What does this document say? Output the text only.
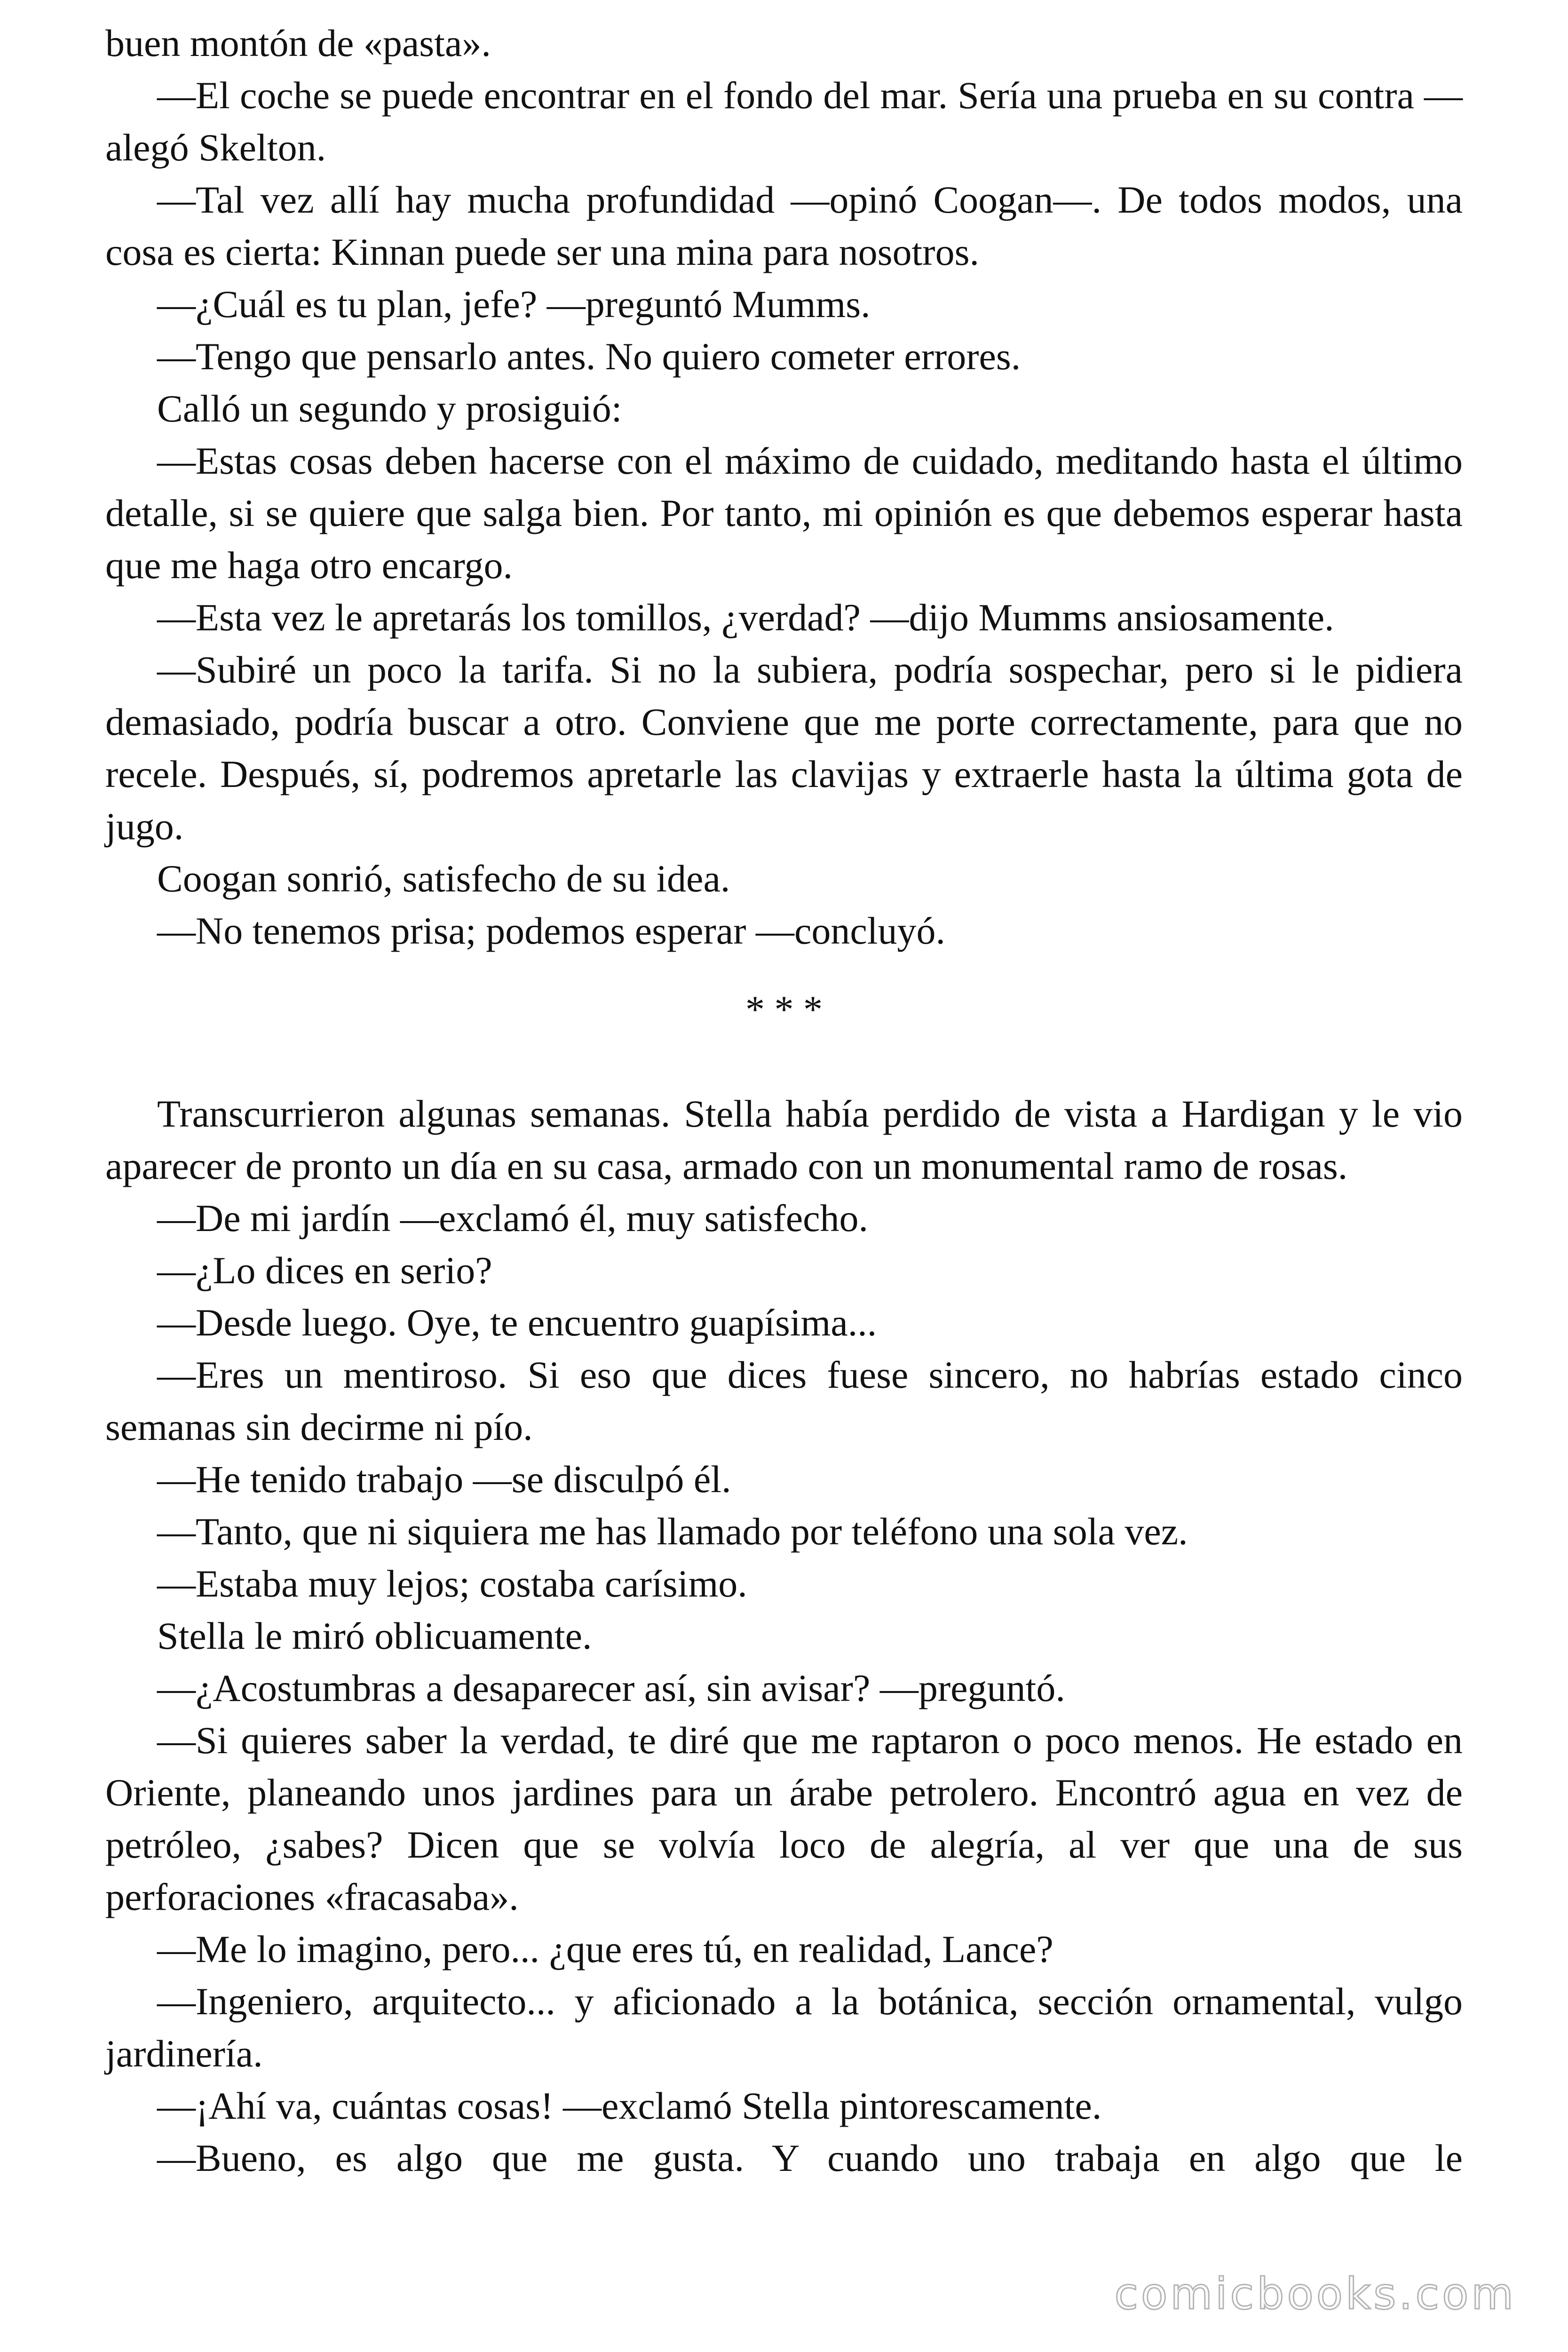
buen montón de «pasta».

—El coche se puede encontrar en el fondo del mar. Sería una prueba en su contra —alegó Skelton.

—Tal vez allí hay mucha profundidad —opinó Coogan—. De todos modos, una cosa es cierta: Kinnan puede ser una mina para nosotros.

—¿Cuál es tu plan, jefe? —preguntó Mumms.

—Tengo que pensarlo antes. No quiero cometer errores.

Calló un segundo y prosiguió:

—Estas cosas deben hacerse con el máximo de cuidado, meditando hasta el último detalle, si se quiere que salga bien. Por tanto, mi opinión es que debemos esperar hasta que me haga otro encargo.

—Esta vez le apretarás los tomillos, ¿verdad? —dijo Mumms ansiosamente.

—Subiré un poco la tarifa. Si no la subiera, podría sospechar, pero si le pidiera demasiado, podría buscar a otro. Conviene que me porte correctamente, para que no recele. Después, sí, podremos apretarle las clavijas y extraerle hasta la última gota de jugo.

Coogan sonrió, satisfecho de su idea.

—No tenemos prisa; podemos esperar —concluyó.

* * *

Transcurrieron algunas semanas. Stella había perdido de vista a Hardigan y le vio aparecer de pronto un día en su casa, armado con un monumental ramo de rosas.

—De mi jardín —exclamó él, muy satisfecho.

—¿Lo dices en serio?

—Desde luego. Oye, te encuentro guapísima...

—Eres un mentiroso. Si eso que dices fuese sincero, no habrías estado cinco semanas sin decirme ni pío.

—He tenido trabajo —se disculpó él.

—Tanto, que ni siquiera me has llamado por teléfono una sola vez.

—Estaba muy lejos; costaba carísimo.

Stella le miró oblicuamente.

—¿Acostumbras a desaparecer así, sin avisar? —preguntó.

—Si quieres saber la verdad, te diré que me raptaron o poco menos. He estado en Oriente, planeando unos jardines para un árabe petrolero. Encontró agua en vez de petróleo, ¿sabes? Dicen que se volvía loco de alegría, al ver que una de sus perforaciones «fracasaba».

—Me lo imagino, pero... ¿que eres tú, en realidad, Lance?

—Ingeniero, arquitecto... y aficionado a la botánica, sección ornamental, vulgo jardinería.

—¡Ahí va, cuántas cosas! —exclamó Stella pintorescamente.

—Bueno, es algo que me gusta. Y cuando uno trabaja en algo que le

comicbooks.com
